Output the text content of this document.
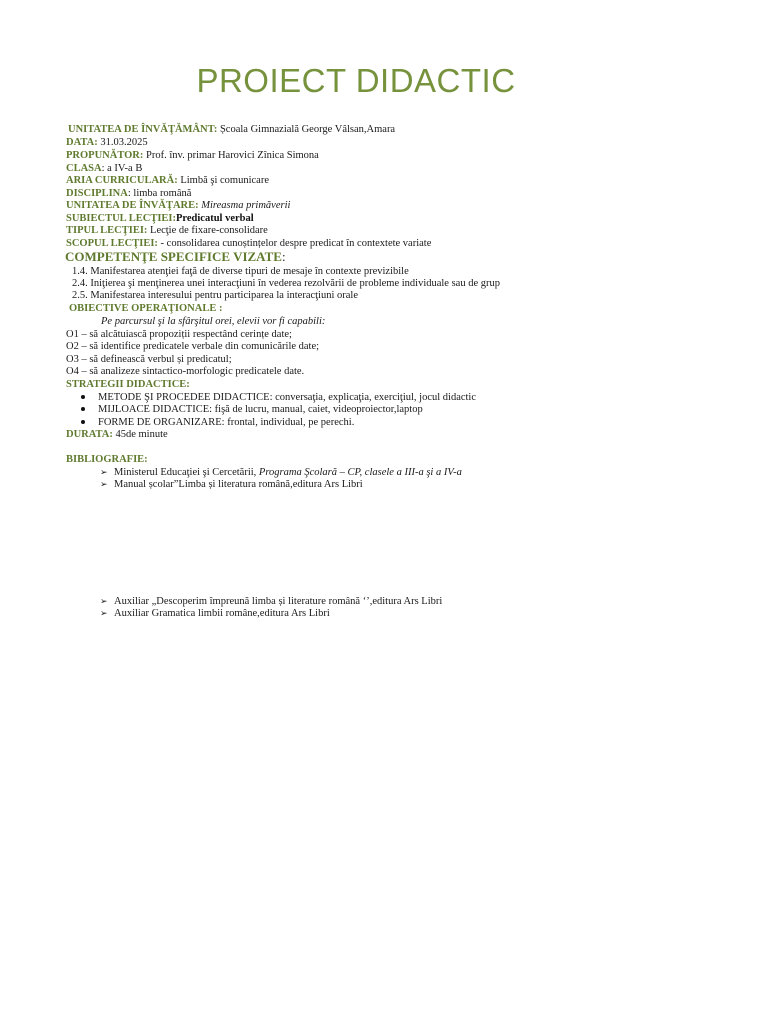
PROIECT DIDACTIC
UNITATEA DE ÎNVĂŢĂMÂNT: Școala Gimnazială George Vâlsan,Amara
DATA: 31.03.2025
PROPUNĂTOR: Prof. înv. primar Harovici Zînica Simona
CLASA: a IV-a B
ARIA CURRICULARĂ: Limbă şi comunicare
DISCIPLINA: limba română
UNITATEA DE ÎNVĂŢARE: Mireasma primăverii
SUBIECTUL LECŢIEI:Predicatul verbal
TIPUL LECŢIEI: Lecţie de fixare-consolidare
SCOPUL LECŢIEI: - consolidarea cunoștințelor despre predicat în contextete variate
COMPETENŢE SPECIFICE VIZATE:
1.4. Manifestarea atenţiei faţă de diverse tipuri de mesaje în contexte previzibile
2.4. Iniţierea şi menţinerea unei interacţiuni în vederea rezolvării de probleme individuale sau de grup
2.5. Manifestarea interesului pentru participarea la interacţiuni orale
OBIECTIVE OPERAŢIONALE :
Pe parcursul şi la sfârşitul orei, elevii vor fi capabili:
O1 – să alcătuiască propoziții respectând cerințe date;
O2 – să identifice predicatele verbale din comunicările date;
O3 – să definească verbul și predicatul;
O4 – să analizeze sintactico-morfologic predicatele date.
STRATEGII DIDACTICE:
METODE ŞI PROCEDEE DIDACTICE: conversaţia, explicaţia, exerciţiul, jocul didactic
MIJLOACE DIDACTICE: fişă de lucru, manual, caiet, videoproiector,laptop
FORME DE ORGANIZARE: frontal, individual, pe perechi.
DURATA: 45de minute
BIBLIOGRAFIE:
➢ Ministerul Educaţiei şi Cercetării, Programa Şcolară – CP, clasele a III-a şi a IV-a
➢ Manual școlar”Limba și literatura română,editura Ars Libri
➢ Auxiliar „Descoperim împreună limba și literature română ‘’,editura Ars Libri
➢ Auxiliar Gramatica limbii române,editura Ars Libri
